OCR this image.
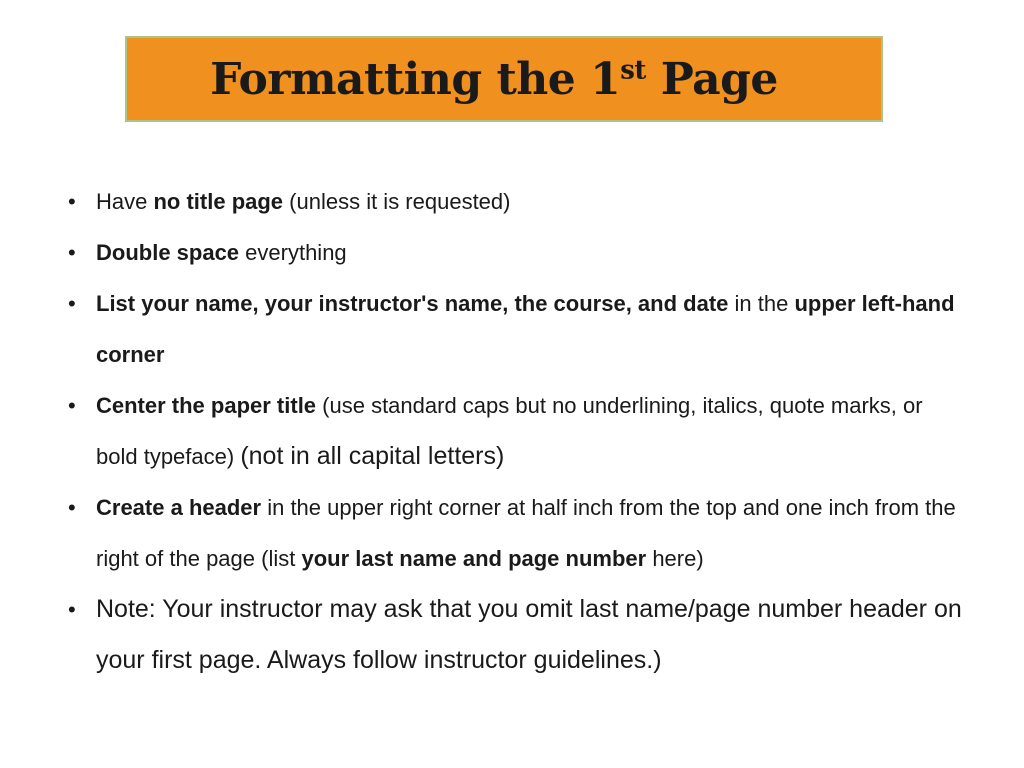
Formatting the 1st Page
• Have no title page (unless it is requested)
• Double space everything
• List your name, your instructor's name, the course, and date in the upper left-hand corner
• Center the paper title (use standard caps but no underlining, italics, quote marks, or bold typeface) (not in all capital letters)
• Create a header in the upper right corner at half inch from the top and one inch from the right of the page (list your last name and page number here)
• Note: Your instructor may ask that you omit last name/page number header on your first page. Always follow instructor guidelines.)
